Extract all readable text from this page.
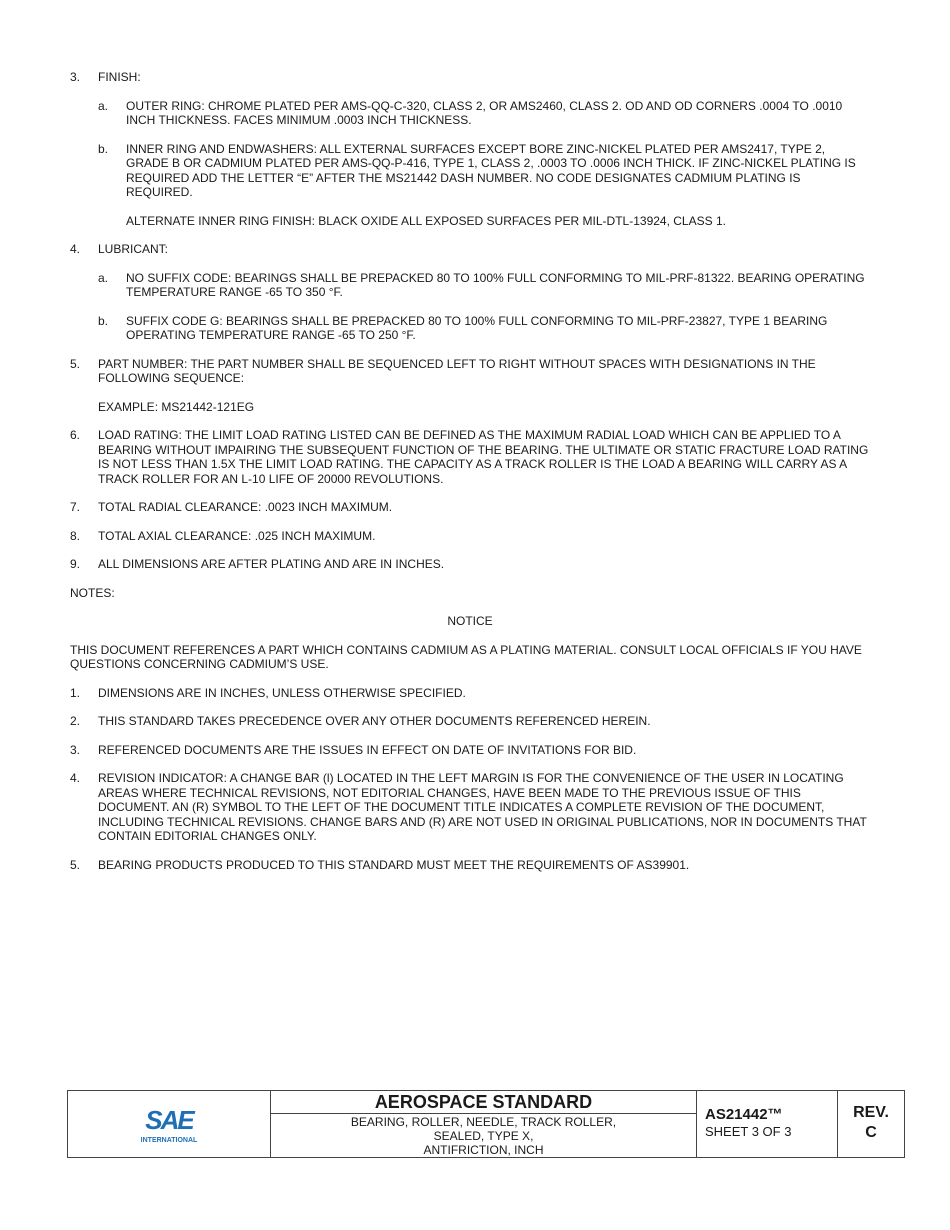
3.	FINISH:
a.	OUTER RING: CHROME PLATED PER AMS-QQ-C-320, CLASS 2, OR AMS2460, CLASS 2. OD AND OD CORNERS .0004 TO .0010 INCH THICKNESS. FACES MINIMUM .0003 INCH THICKNESS.
b.	INNER RING AND ENDWASHERS: ALL EXTERNAL SURFACES EXCEPT BORE ZINC-NICKEL PLATED PER AMS2417, TYPE 2, GRADE B OR CADMIUM PLATED PER AMS-QQ-P-416, TYPE 1, CLASS 2, .0003 TO .0006 INCH THICK. IF ZINC-NICKEL PLATING IS REQUIRED ADD THE LETTER “E” AFTER THE MS21442 DASH NUMBER. NO CODE DESIGNATES CADMIUM PLATING IS REQUIRED.
ALTERNATE INNER RING FINISH: BLACK OXIDE ALL EXPOSED SURFACES PER MIL-DTL-13924, CLASS 1.
4.	LUBRICANT:
a.	NO SUFFIX CODE: BEARINGS SHALL BE PREPACKED 80 TO 100% FULL CONFORMING TO MIL-PRF-81322. BEARING OPERATING TEMPERATURE RANGE -65 TO 350 °F.
b.	SUFFIX CODE G: BEARINGS SHALL BE PREPACKED 80 TO 100% FULL CONFORMING TO MIL-PRF-23827, TYPE 1 BEARING OPERATING TEMPERATURE RANGE -65 TO 250 °F.
5.	PART NUMBER: THE PART NUMBER SHALL BE SEQUENCED LEFT TO RIGHT WITHOUT SPACES WITH DESIGNATIONS IN THE FOLLOWING SEQUENCE:
EXAMPLE: MS21442-121EG
6.	LOAD RATING: THE LIMIT LOAD RATING LISTED CAN BE DEFINED AS THE MAXIMUM RADIAL LOAD WHICH CAN BE APPLIED TO A BEARING WITHOUT IMPAIRING THE SUBSEQUENT FUNCTION OF THE BEARING. THE ULTIMATE OR STATIC FRACTURE LOAD RATING IS NOT LESS THAN 1.5X THE LIMIT LOAD RATING. THE CAPACITY AS A TRACK ROLLER IS THE LOAD A BEARING WILL CARRY AS A TRACK ROLLER FOR AN L-10 LIFE OF 20000 REVOLUTIONS.
7.	TOTAL RADIAL CLEARANCE: .0023 INCH MAXIMUM.
8.	TOTAL AXIAL CLEARANCE: .025 INCH MAXIMUM.
9.	ALL DIMENSIONS ARE AFTER PLATING AND ARE IN INCHES.
NOTES:
NOTICE
THIS DOCUMENT REFERENCES A PART WHICH CONTAINS CADMIUM AS A PLATING MATERIAL. CONSULT LOCAL OFFICIALS IF YOU HAVE QUESTIONS CONCERNING CADMIUM’S USE.
1.	DIMENSIONS ARE IN INCHES, UNLESS OTHERWISE SPECIFIED.
2.	THIS STANDARD TAKES PRECEDENCE OVER ANY OTHER DOCUMENTS REFERENCED HEREIN.
3.	REFERENCED DOCUMENTS ARE THE ISSUES IN EFFECT ON DATE OF INVITATIONS FOR BID.
4.	REVISION INDICATOR: A CHANGE BAR (l) LOCATED IN THE LEFT MARGIN IS FOR THE CONVENIENCE OF THE USER IN LOCATING AREAS WHERE TECHNICAL REVISIONS, NOT EDITORIAL CHANGES, HAVE BEEN MADE TO THE PREVIOUS ISSUE OF THIS DOCUMENT. AN (R) SYMBOL TO THE LEFT OF THE DOCUMENT TITLE INDICATES A COMPLETE REVISION OF THE DOCUMENT, INCLUDING TECHNICAL REVISIONS. CHANGE BARS AND (R) ARE NOT USED IN ORIGINAL PUBLICATIONS, NOR IN DOCUMENTS THAT CONTAIN EDITORIAL CHANGES ONLY.
5.	BEARING PRODUCTS PRODUCED TO THIS STANDARD MUST MEET THE REQUIREMENTS OF AS39901.
SAE
INTERNATIONAL
AEROSPACE STANDARD
BEARING, ROLLER, NEEDLE, TRACK ROLLER,
SEALED, TYPE X,
ANTIFRICTION, INCH
AS21442™
SHEET 3 OF 3
REV.
C
